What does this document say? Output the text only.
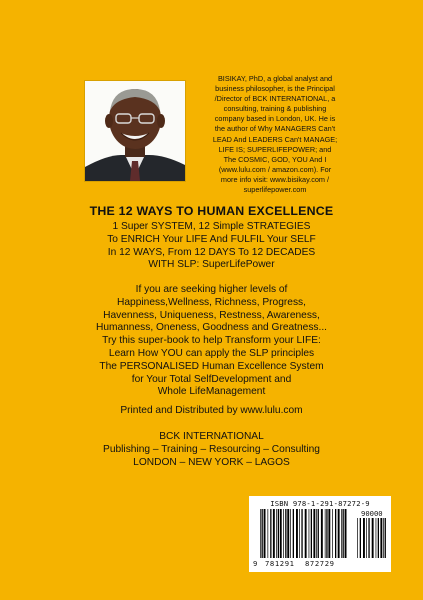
BISIKAY, PhD, a global analyst and
business philosopher, is the Principal
/Director of BCK INTERNATIONAL, a
consulting, training & publishing
company based in London, UK. He is
the author of Why MANAGERS Can't
LEAD And LEADERS Can't MANAGE;
LIFE IS; SUPERLIFEPOWER; and
The COSMIC, GOD, YOU And I
(www.lulu.com / amazon.com). For
more info visit: www.bisikay.com /
superlifepower.com
THE 12 WAYS TO HUMAN EXCELLENCE
1 Super SYSTEM, 12 Simple STRATEGIES
To ENRICH Your LIFE And FULFIL Your SELF
In 12 WAYS, From 12 DAYS To 12 DECADES
WITH SLP: SuperLifePower
If you are seeking higher levels of
Happiness,Wellness, Richness, Progress,
Havenness, Uniqueness, Restness, Awareness,
Humanness, Oneness, Goodness and Greatness...
Try this super-book to help Transform your LIFE:
Learn How YOU can apply the SLP principles
The PERSONALISED Human Excellence System
for Your Total SelfDevelopment and
Whole LifeManagement
Printed and Distributed by www.lulu.com
BCK INTERNATIONAL
Publishing – Training – Resourcing – Consulting
LONDON – NEW YORK – LAGOS
ISBN 978-1-291-87272-9
90000
9 781291 872729
